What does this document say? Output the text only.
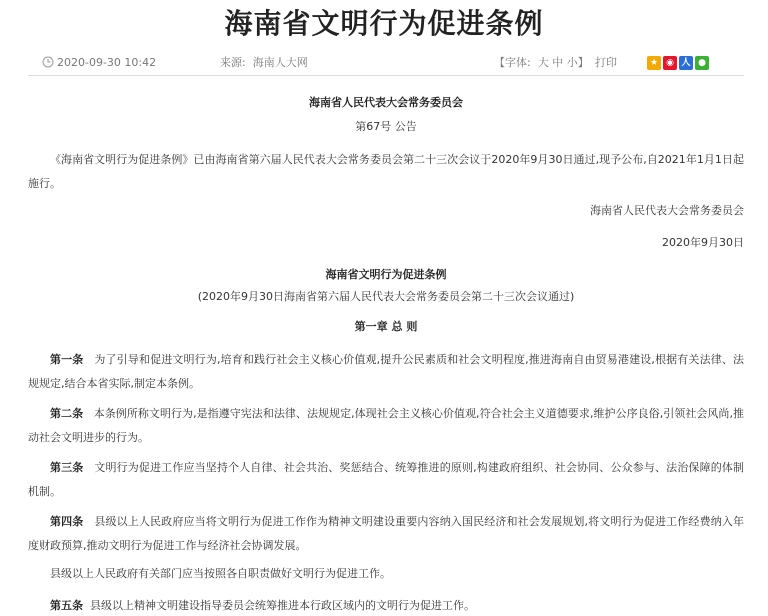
海南省文明行为促进条例
2020-09-30 10:42	来源: 海南人大网	【字体: 大 中 小】 打印	★ ◉ 人 ●
海南省人民代表大会常务委员会
第67号 公告
《海南省文明行为促进条例》已由海南省第六届人民代表大会常务委员会第二十三次会议于2020年9月30日通过,现予公布,自2021年1月1日起施行。
海南省人民代表大会常务委员会
2020年9月30日
海南省文明行为促进条例
(2020年9月30日海南省第六届人民代表大会常务委员会第二十三次会议通过)
第一章 总 则
第一条 为了引导和促进文明行为,培育和践行社会主义核心价值观,提升公民素质和社会文明程度,推进海南自由贸易港建设,根据有关法律、法规规定,结合本省实际,制定本条例。
第二条 本条例所称文明行为,是指遵守宪法和法律、法规规定,体现社会主义核心价值观,符合社会主义道德要求,维护公序良俗,引领社会风尚,推动社会文明进步的行为。
第三条 文明行为促进工作应当坚持个人自律、社会共治、奖惩结合、统筹推进的原则,构建政府组织、社会协同、公众参与、法治保障的体制机制。
第四条 县级以上人民政府应当将文明行为促进工作作为精神文明建设重要内容纳入国民经济和社会发展规划,将文明行为促进工作经费纳入年度财政预算,推动文明行为促进工作与经济社会协调发展。
县级以上人民政府有关部门应当按照各自职责做好文明行为促进工作。
第五条 县级以上精神文明建设指导委员会统筹推进本行政区域内的文明行为促进工作。
